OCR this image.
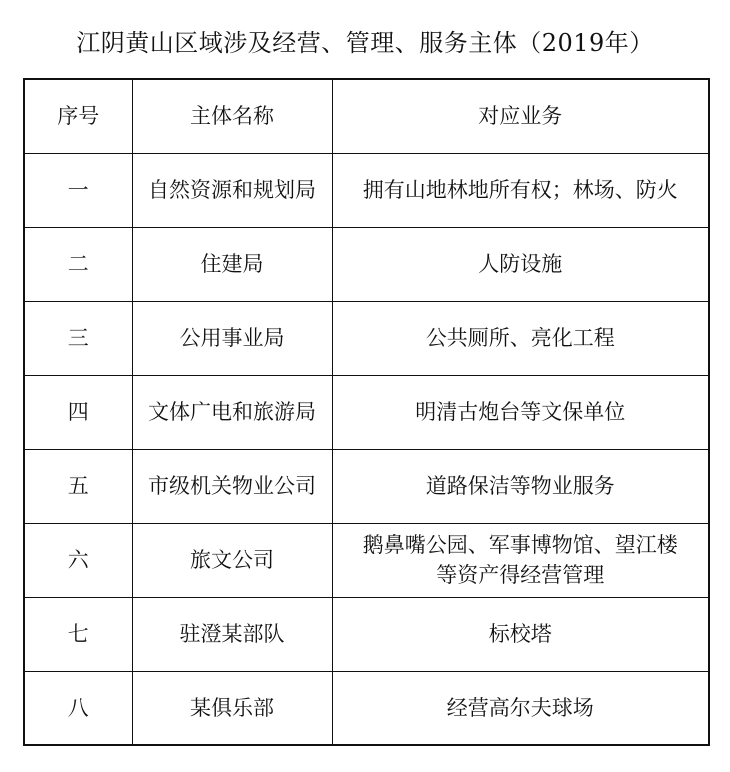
江阴黄山区域涉及经营、管理、服务主体（2019年）
序号	主体名称	对应业务
一	自然资源和规划局	拥有山地林地所有权；林场、防火

二	住建局	人防设施

三	公用事业局	公共厕所、亮化工程

四	文体广电和旅游局	明清古炮台等文保单位

五	市级机关物业公司	道路保洁等物业服务

六	旅文公司	鹅鼻嘴公园、军事博物馆、望江楼
等资产得经营管理

七	驻澄某部队	标校塔

八	某俱乐部	经营高尔夫球场
